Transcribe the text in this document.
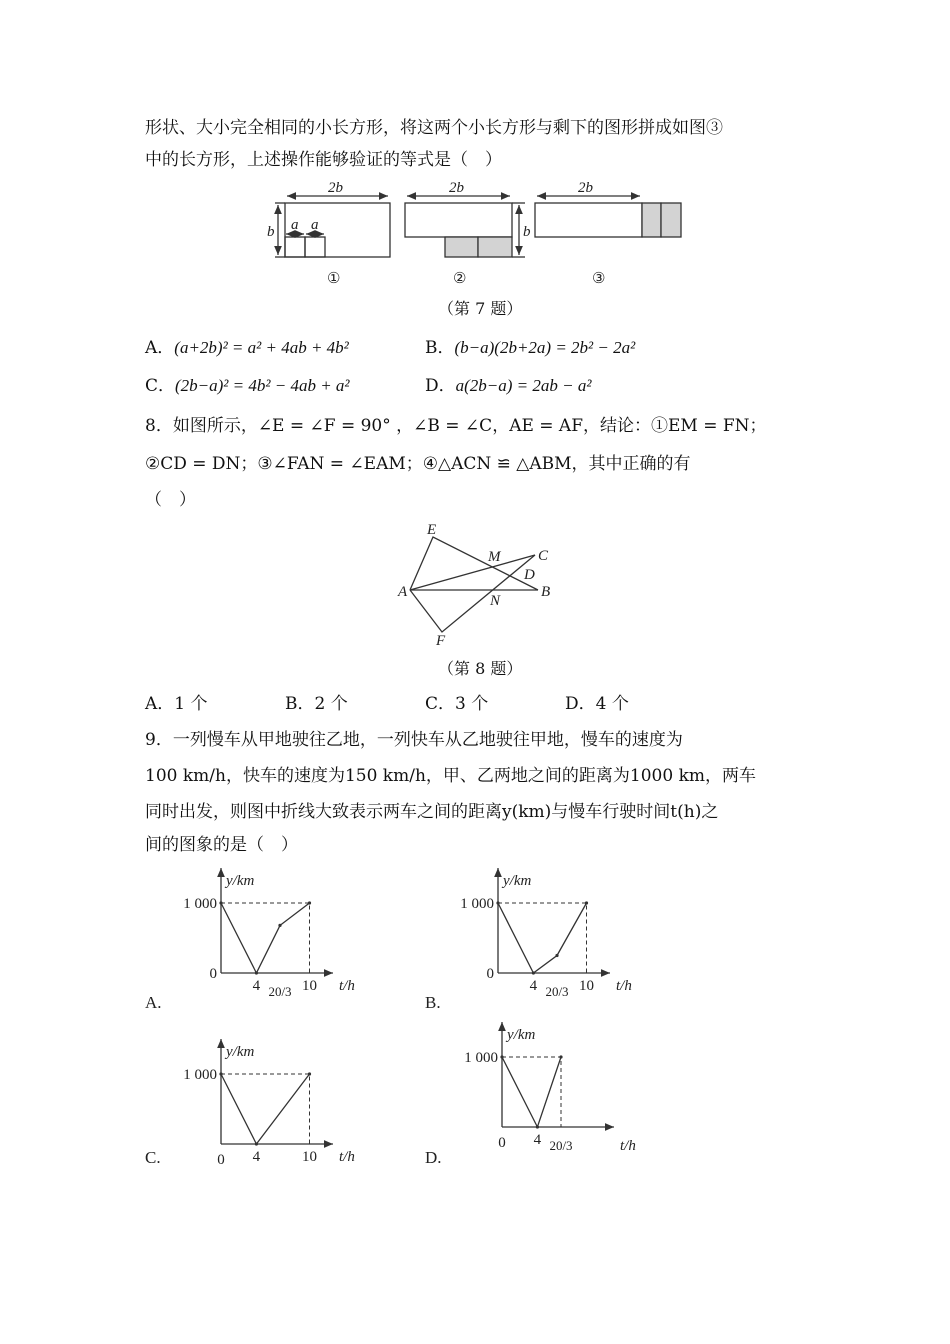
形状、大小完全相同的小长方形，将这两个小长方形与剩下的图形拼成如图③
中的长方形，上述操作能够验证的等式是（　）
（第 7 题）
A．(a+2b)² = a² + 4ab + 4b²	B．(b−a)(2b+2a) = 2b² − 2a²
C．(2b−a)² = 4b² − 4ab + a²	D．a(2b−a) = 2ab − a²
8．如图所示，∠E = ∠F = 90° ，∠B = ∠C，AE = AF，结论：①EM = FN；
②CD = DN；③∠FAN = ∠EAM；④△ACN ≌ △ABM，其中正确的有
（　）
（第 8 题）
A．1 个	B．2 个	C．3 个	D．4 个
9．一列慢车从甲地驶往乙地，一列快车从乙地驶往甲地，慢车的速度为
100 km/h，快车的速度为150 km/h，甲、乙两地之间的距离为1000 km，两车
同时出发，则图中折线大致表示两车之间的距离y(km)与慢车行驶时间t(h)之
间的图象的是（　）
2b
b a a
①
2b
b
②
2b
③
E
M	C
D
A	B
N
F
y/km
1 000
0
4 20/3 10 t/h
A.
y/km
1 000
0
4 20/3 10 t/h
B.
y/km
1 000
0 4	10 t/h
C.
y/km
1 000
0 4 20/3	t/h
D.
